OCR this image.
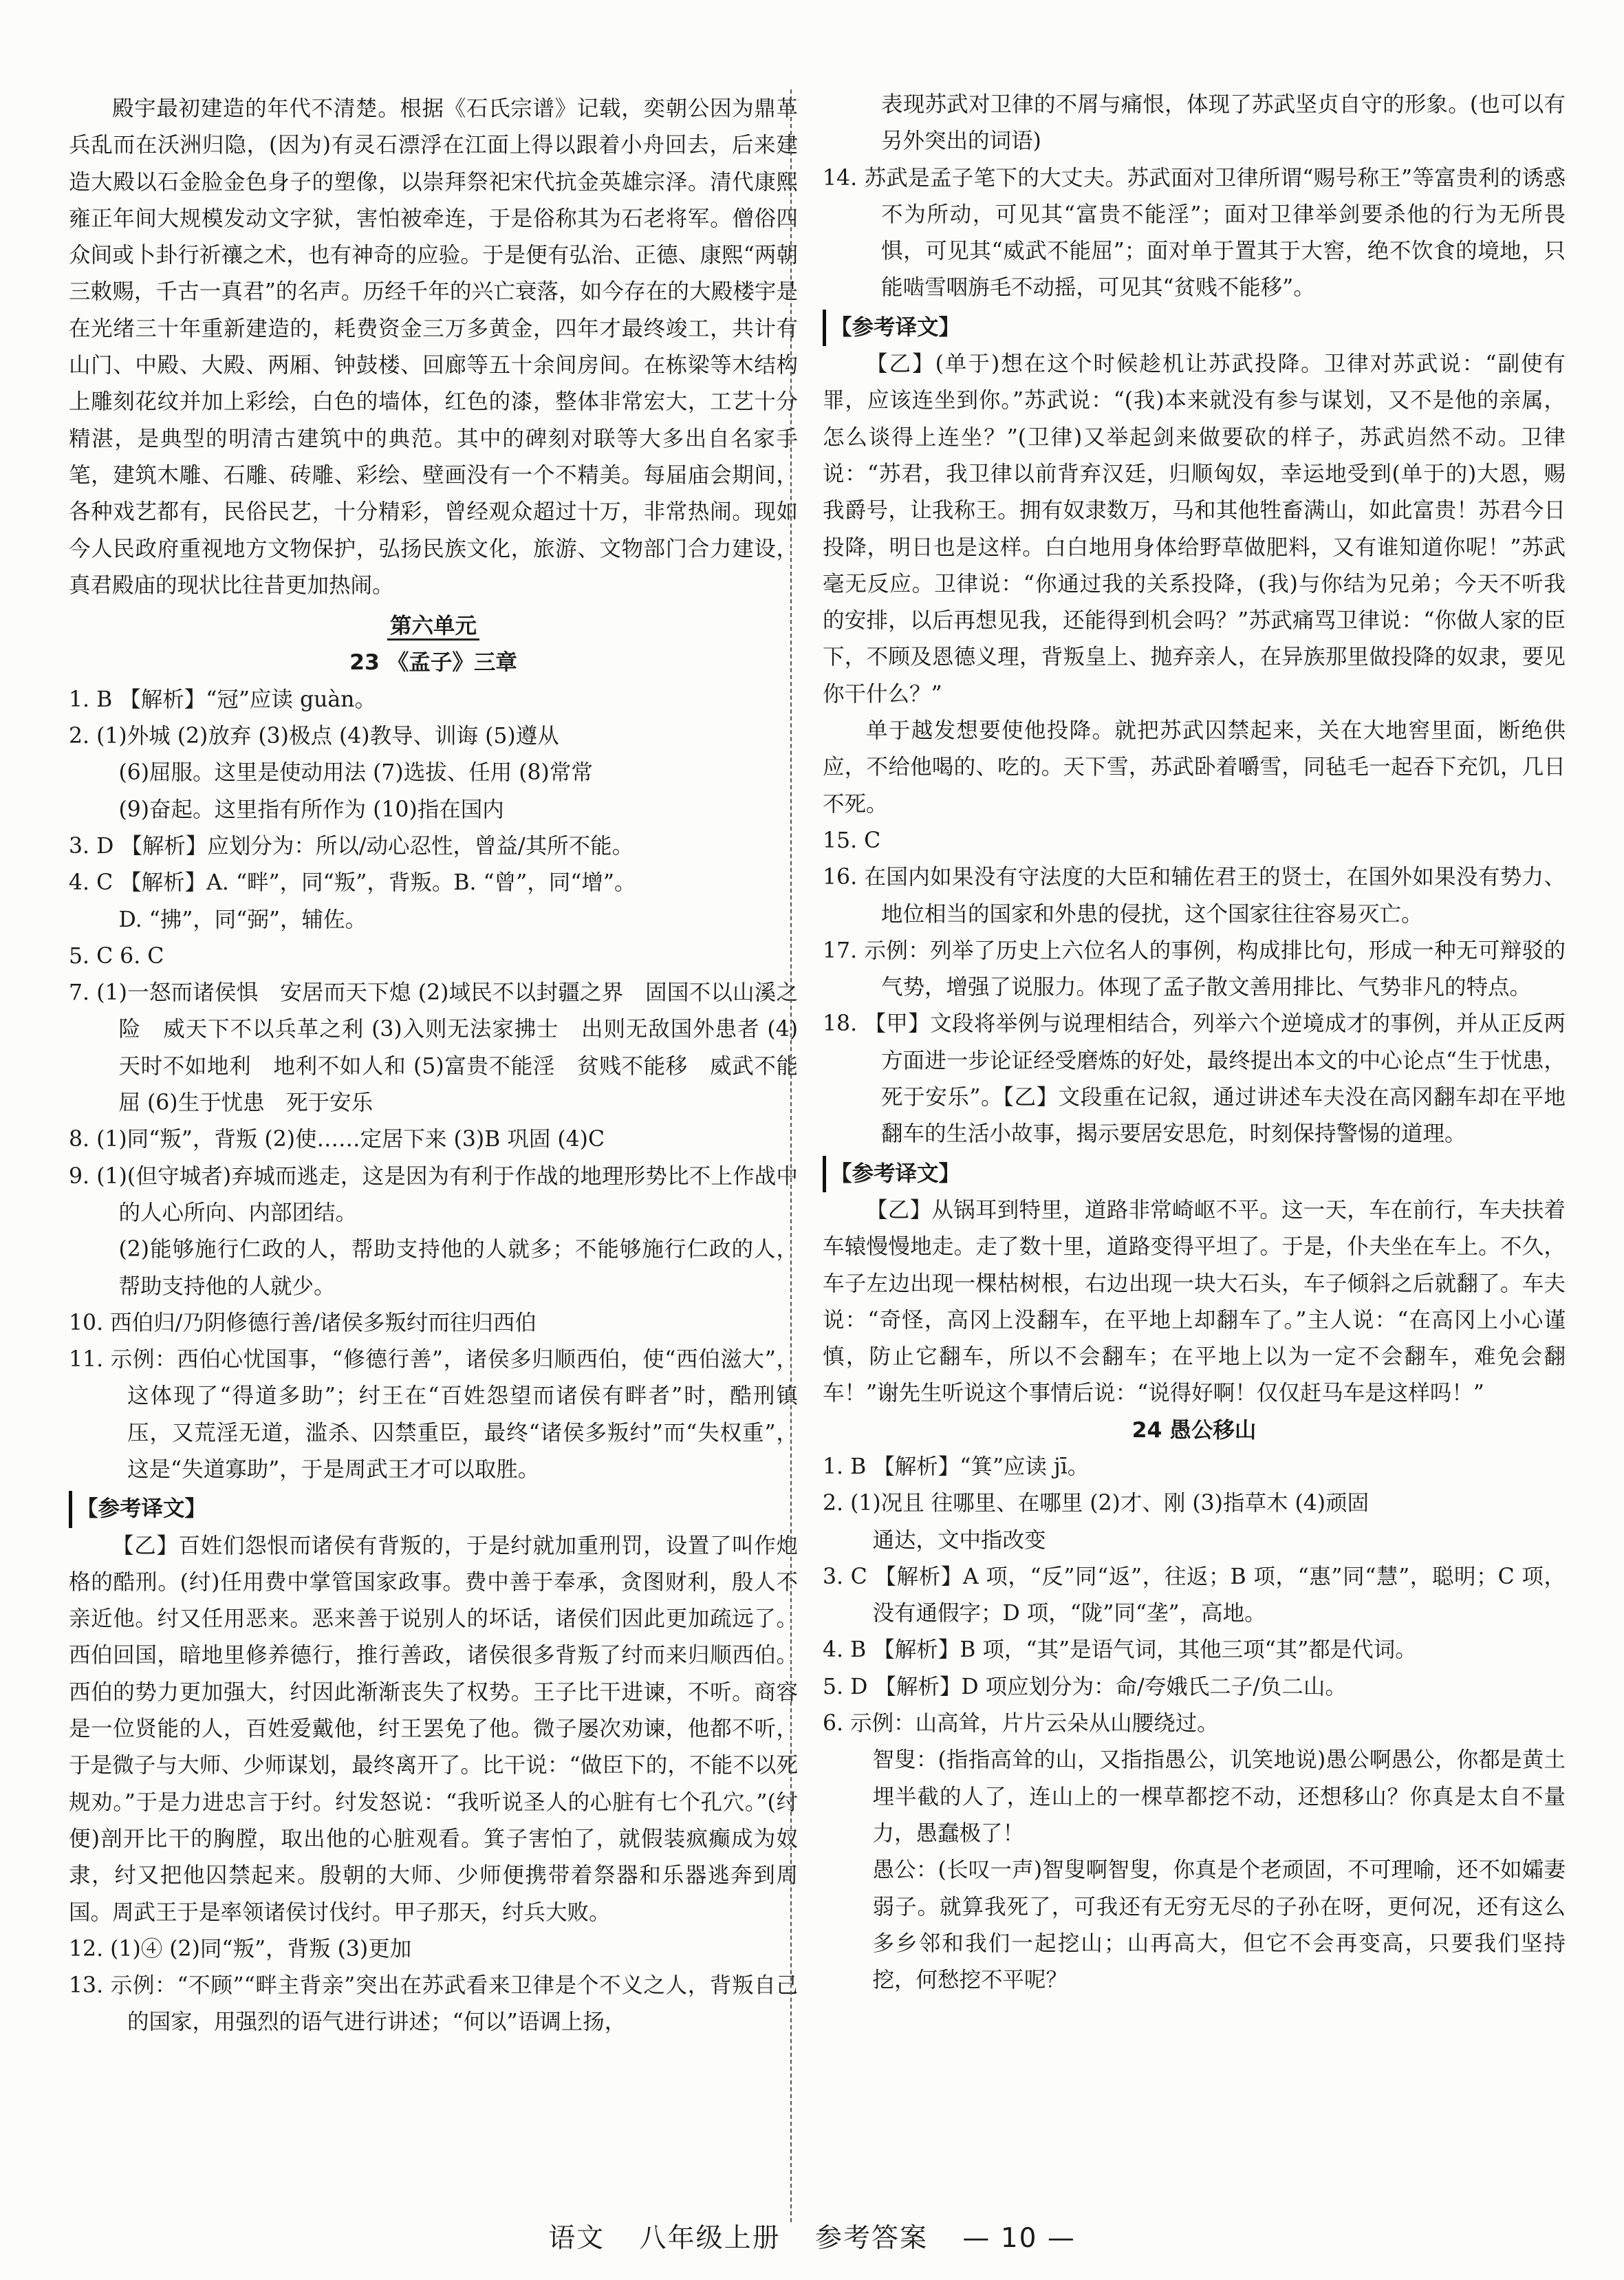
殿宇最初建造的年代不清楚。根据《石氏宗谱》记载，奕朝公因为鼎革兵乱而在沃洲归隐，(因为)有灵石漂浮在江面上得以跟着小舟回去，后来建造大殿以石金脸金色身子的塑像，以崇拜祭祀宋代抗金英雄宗泽。清代康熙雍正年间大规模发动文字狱，害怕被牵连，于是俗称其为石老将军。僧俗四众间或卜卦行祈禳之术，也有神奇的应验。于是便有弘治、正德、康熙“两朝三敕赐，千古一真君”的名声。历经千年的兴亡衰落，如今存在的大殿楼宇是在光绪三十年重新建造的，耗费资金三万多黄金，四年才最终竣工，共计有山门、中殿、大殿、两厢、钟鼓楼、回廊等五十余间房间。在栋梁等木结构上雕刻花纹并加上彩绘，白色的墙体，红色的漆，整体非常宏大，工艺十分精湛，是典型的明清古建筑中的典范。其中的碑刻对联等大多出自名家手笔，建筑木雕、石雕、砖雕、彩绘、壁画没有一个不精美。每届庙会期间，各种戏艺都有，民俗民艺，十分精彩，曾经观众超过十万，非常热闹。现如今人民政府重视地方文物保护，弘扬民族文化，旅游、文物部门合力建设，真君殿庙的现状比往昔更加热闹。

第六单元

23 《孟子》三章

1. B 【解析】“冠”应读 guàn。

2. (1)外城 (2)放弃 (3)极点 (4)教导、训诲 (5)遵从

(6)屈服。这里是使动用法 (7)选拔、任用 (8)常常

(9)奋起。这里指有所作为 (10)指在国内

3. D 【解析】应划分为：所以/动心忍性，曾益/其所不能。

4. C 【解析】A. “畔”，同“叛”，背叛。B. “曾”，同“增”。

D. “拂”，同“弼”，辅佐。

5. C 6. C

7. (1)一怒而诸侯惧　安居而天下熄 (2)域民不以封疆之界　固国不以山溪之险　威天下不以兵革之利 (3)入则无法家拂士　出则无敌国外患者 (4)天时不如地利　地利不如人和 (5)富贵不能淫　贫贱不能移　威武不能屈 (6)生于忧患　死于安乐

8. (1)同“叛”，背叛 (2)使……定居下来 (3)B 巩固 (4)C

9. (1)(但守城者)弃城而逃走，这是因为有利于作战的地理形势比不上作战中的人心所向、内部团结。

(2)能够施行仁政的人，帮助支持他的人就多；不能够施行仁政的人，帮助支持他的人就少。

10. 西伯归/乃阴修德行善/诸侯多叛纣而往归西伯

11. 示例：西伯心忧国事，“修德行善”，诸侯多归顺西伯，使“西伯滋大”，这体现了“得道多助”；纣王在“百姓怨望而诸侯有畔者”时，酷刑镇压，又荒淫无道，滥杀、囚禁重臣，最终“诸侯多叛纣”而“失权重”，这是“失道寡助”，于是周武王才可以取胜。

【参考译文】

【乙】百姓们怨恨而诸侯有背叛的，于是纣就加重刑罚，设置了叫作炮格的酷刑。(纣)任用费中掌管国家政事。费中善于奉承，贪图财利，殷人不亲近他。纣又任用恶来。恶来善于说别人的坏话，诸侯们因此更加疏远了。西伯回国，暗地里修养德行，推行善政，诸侯很多背叛了纣而来归顺西伯。西伯的势力更加强大，纣因此渐渐丧失了权势。王子比干进谏，不听。商容是一位贤能的人，百姓爱戴他，纣王罢免了他。微子屡次劝谏，他都不听，于是微子与大师、少师谋划，最终离开了。比干说：“做臣下的，不能不以死规劝。”于是力进忠言于纣。纣发怒说：“我听说圣人的心脏有七个孔穴。”(纣便)剖开比干的胸膛，取出他的心脏观看。箕子害怕了，就假装疯癫成为奴隶，纣又把他囚禁起来。殷朝的大师、少师便携带着祭器和乐器逃奔到周国。周武王于是率领诸侯讨伐纣。甲子那天，纣兵大败。

12. (1)④ (2)同“叛”，背叛 (3)更加

13. 示例：“不顾”“畔主背亲”突出在苏武看来卫律是个不义之人，背叛自己的国家，用强烈的语气进行讲述；“何以”语调上扬，

表现苏武对卫律的不屑与痛恨，体现了苏武坚贞自守的形象。(也可以有另外突出的词语)

14. 苏武是孟子笔下的大丈夫。苏武面对卫律所谓“赐号称王”等富贵利的诱惑不为所动，可见其“富贵不能淫”；面对卫律举剑要杀他的行为无所畏惧，可见其“威武不能屈”；面对单于置其于大窖，绝不饮食的境地，只能啮雪咽旃毛不动摇，可见其“贫贱不能移”。

【参考译文】

【乙】(单于)想在这个时候趁机让苏武投降。卫律对苏武说：“副使有罪，应该连坐到你。”苏武说：“(我)本来就没有参与谋划，又不是他的亲属，怎么谈得上连坐？”(卫律)又举起剑来做要砍的样子，苏武岿然不动。卫律说：“苏君，我卫律以前背弃汉廷，归顺匈奴，幸运地受到(单于的)大恩，赐我爵号，让我称王。拥有奴隶数万，马和其他牲畜满山，如此富贵！苏君今日投降，明日也是这样。白白地用身体给野草做肥料，又有谁知道你呢！”苏武毫无反应。卫律说：“你通过我的关系投降，(我)与你结为兄弟；今天不听我的安排，以后再想见我，还能得到机会吗？”苏武痛骂卫律说：“你做人家的臣下，不顾及恩德义理，背叛皇上、抛弃亲人，在异族那里做投降的奴隶，要见你干什么？”

单于越发想要使他投降。就把苏武囚禁起来，关在大地窖里面，断绝供应，不给他喝的、吃的。天下雪，苏武卧着嚼雪，同毡毛一起吞下充饥，几日不死。

15. C

16. 在国内如果没有守法度的大臣和辅佐君王的贤士，在国外如果没有势力、地位相当的国家和外患的侵扰，这个国家往往容易灭亡。

17. 示例：列举了历史上六位名人的事例，构成排比句，形成一种无可辩驳的气势，增强了说服力。体现了孟子散文善用排比、气势非凡的特点。

18. 【甲】文段将举例与说理相结合，列举六个逆境成才的事例，并从正反两方面进一步论证经受磨炼的好处，最终提出本文的中心论点“生于忧患，死于安乐”。【乙】文段重在记叙，通过讲述车夫没在高冈翻车却在平地翻车的生活小故事，揭示要居安思危，时刻保持警惕的道理。

【参考译文】

【乙】从锅耳到特里，道路非常崎岖不平。这一天，车在前行，车夫扶着车辕慢慢地走。走了数十里，道路变得平坦了。于是，仆夫坐在车上。不久，车子左边出现一棵枯树根，右边出现一块大石头，车子倾斜之后就翻了。车夫说：“奇怪，高冈上没翻车，在平地上却翻车了。”主人说：“在高冈上小心谨慎，防止它翻车，所以不会翻车；在平地上以为一定不会翻车，难免会翻车！”谢先生听说这个事情后说：“说得好啊！仅仅赶马车是这样吗！”

24 愚公移山

1. B 【解析】“箕”应读 jī。

2. (1)况且 往哪里、在哪里 (2)才、刚 (3)指草木 (4)顽固

通达，文中指改变

3. C 【解析】A 项，“反”同“返”，往返；B 项，“惠”同“慧”，聪明；C 项，没有通假字；D 项，“陇”同“垄”，高地。

4. B 【解析】B 项，“其”是语气词，其他三项“其”都是代词。

5. D 【解析】D 项应划分为：命/夸娥氏二子/负二山。

6. 示例：山高耸，片片云朵从山腰绕过。

智叟：(指指高耸的山，又指指愚公，讥笑地说)愚公啊愚公，你都是黄土埋半截的人了，连山上的一棵草都挖不动，还想移山？你真是太自不量力，愚蠢极了！

愚公：(长叹一声)智叟啊智叟，你真是个老顽固，不可理喻，还不如孀妻弱子。就算我死了，可我还有无穷无尽的子孙在呀，更何况，还有这么多乡邻和我们一起挖山；山再高大，但它不会再变高，只要我们坚持挖，何愁挖不平呢？

语文 八年级上册 参考答案 — 10 —
